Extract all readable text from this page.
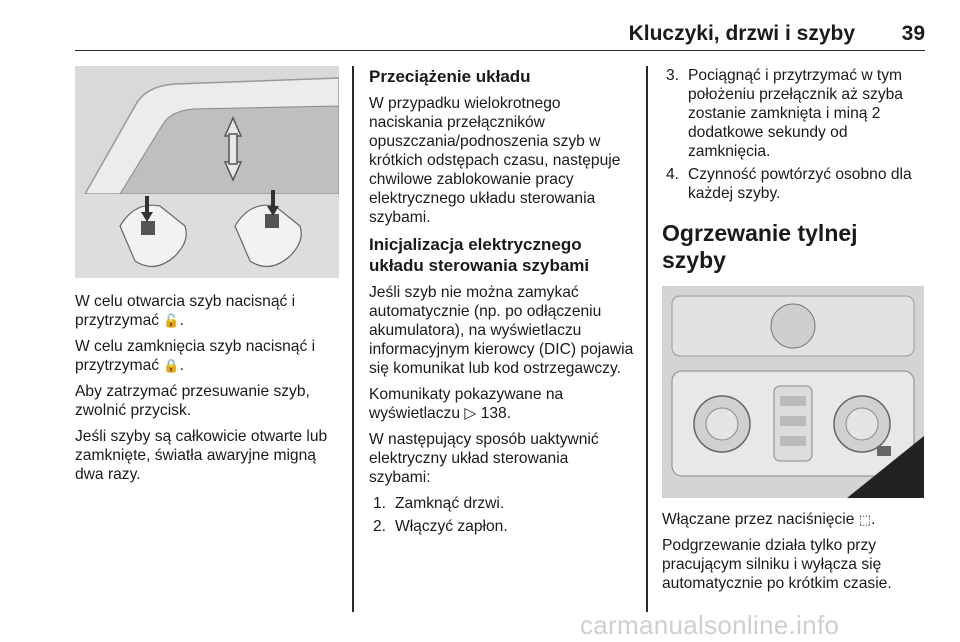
Kluczyki, drzwi i szyby 39

W celu otwarcia szyb nacisnąć i przytrzymać 🔓.

W celu zamknięcia szyb nacisnąć i przytrzymać 🔒.

Aby zatrzymać przesuwanie szyb, zwolnić przycisk.

Jeśli szyby są całkowicie otwarte lub zamknięte, światła awaryjne migną dwa razy.

Przeciążenie układu

W przypadku wielokrotnego naciskania przełączników opuszczania/podnoszenia szyb w krótkich odstępach czasu, następuje chwilowe zablokowanie pracy elektrycznego układu sterowania szybami.

Inicjalizacja elektrycznego układu sterowania szybami

Jeśli szyb nie można zamykać automatycznie (np. po odłączeniu akumulatora), na wyświetlaczu informacyjnym kierowcy (DIC) pojawia się komunikat lub kod ostrzegawczy.

Komunikaty pokazywane na wyświetlaczu ▷ 138.

W następujący sposób uaktywnić elektryczny układ sterowania szybami:

1. Zamknąć drzwi.
2. Włączyć zapłon.
3. Pociągnąć i przytrzymać w tym położeniu przełącznik aż szyba zostanie zamknięta i miną 2 dodatkowe sekundy od zamknięcia.
4. Czynność powtórzyć osobno dla każdej szyby.
Ogrzewanie tylnej szyby

Włączane przez naciśnięcie ⬚.

Podgrzewanie działa tylko przy pracującym silniku i wyłącza się automatycznie po krótkim czasie.

carmanualsonline.info
